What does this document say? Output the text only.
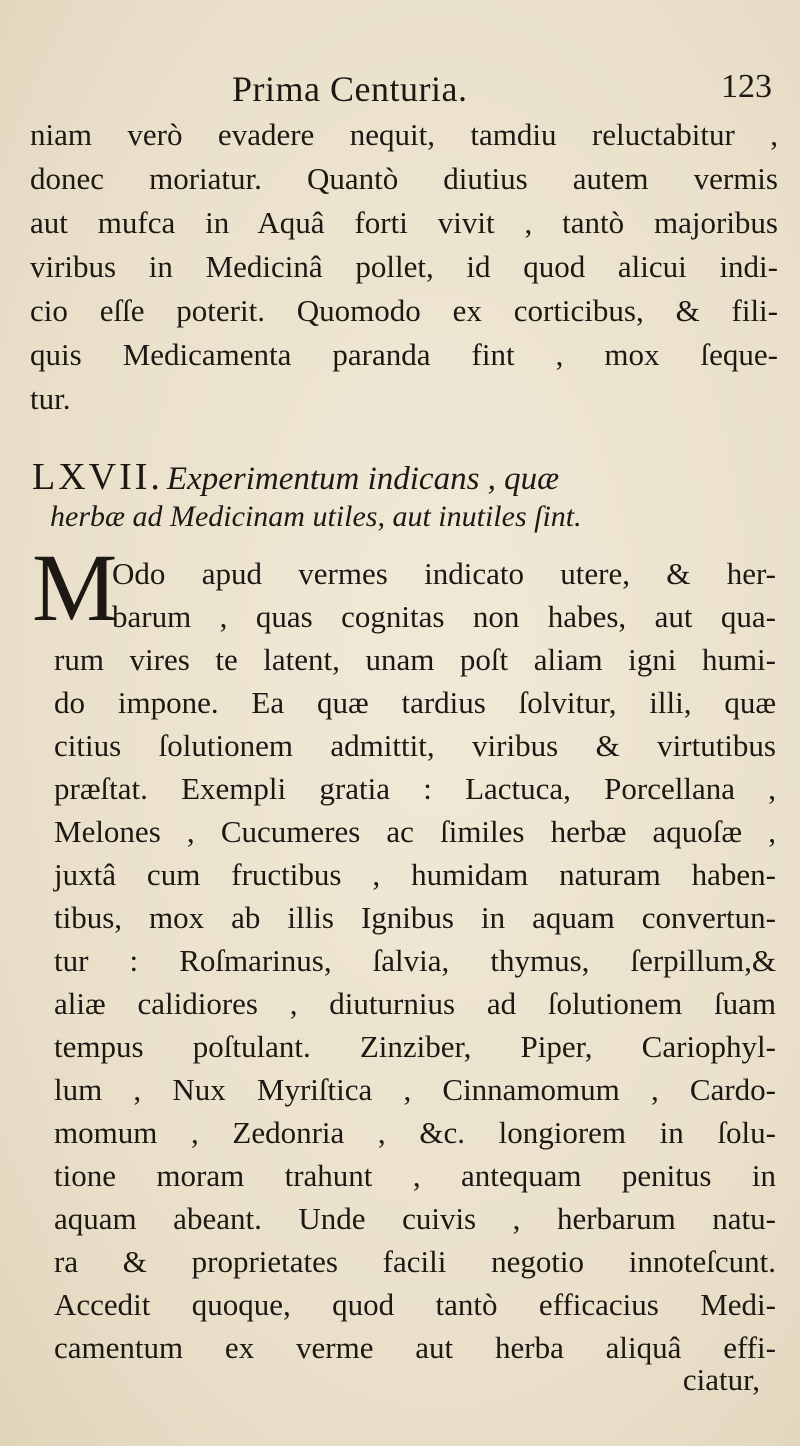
Prima Centuria.	123
niam verò evadere nequit, tamdiu reluctabitur ,
donec moriatur. Quantò diutius autem vermis
aut mufca in Aquâ forti vivit , tantò majoribus
viribus in Medicinâ pollet, id quod alicui indi-
cio eſſe poterit. Quomodo ex corticibus, & fili-
quis Medicamenta paranda fint , mox ſeque-
tur.
LXVII. Experimentum indicans , quæ
herbæ ad Medicinam utiles, aut inutiles ſint.
M
Odo apud vermes indicato utere, & her-
barum , quas cognitas non habes, aut qua-
rum vires te latent, unam poſt aliam igni humi-
do impone. Ea quæ tardius ſolvitur, illi, quæ
citius ſolutionem admittit, viribus & virtutibus
præſtat. Exempli gratia : Lactuca, Porcellana ,
Melones , Cucumeres ac ſimiles herbæ aquoſæ ,
juxtâ cum fructibus , humidam naturam haben-
tibus, mox ab illis Ignibus in aquam convertun-
tur : Roſmarinus, ſalvia, thymus, ſerpillum,&
aliæ calidiores , diuturnius ad ſolutionem ſuam
tempus poſtulant. Zinziber, Piper, Cariophyl-
lum , Nux Myriſtica , Cinnamomum , Cardo-
momum , Zedonria , &c. longiorem in ſolu-
tione moram trahunt , antequam penitus in
aquam abeant. Unde cuivis , herbarum natu-
ra & proprietates facili negotio innoteſcunt.
Accedit quoque, quod tantò efficacius Medi-
camentum ex verme aut herba aliquâ effi-
ciatur,
